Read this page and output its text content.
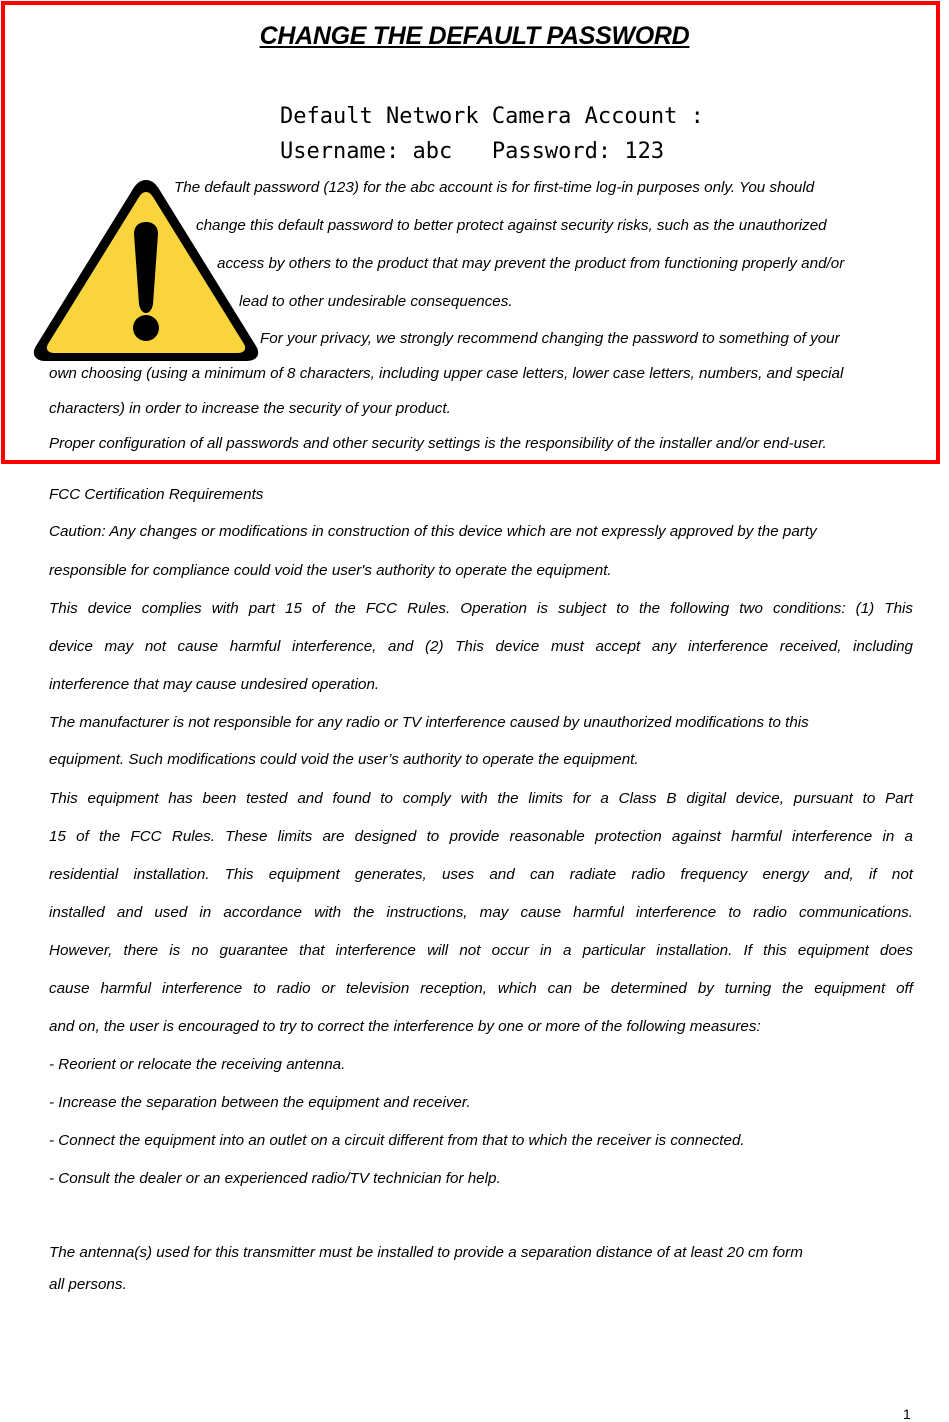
CHANGE THE DEFAULT PASSWORD
Default Network Camera Account :
Username: abc   Password: 123
The default password (123) for the abc account is for first-time log-in purposes only. You should
change this default password to better protect against security risks, such as the unauthorized
access by others to the product that may prevent the product from functioning properly and/or
lead to other undesirable consequences.
For your privacy, we strongly recommend changing the password to something of your
own choosing (using a minimum of 8 characters, including upper case letters, lower case letters, numbers, and special
characters) in order to increase the security of your product.
Proper configuration of all passwords and other security settings is the responsibility of the installer and/or end-user.
FCC Certification Requirements
Caution: Any changes or modifications in construction of this device which are not expressly approved by the party
responsible for compliance could void the user's authority to operate the equipment.
This device complies with part 15 of the FCC Rules. Operation is subject to the following two conditions: (1) This
device may not cause harmful interference, and (2) This device must accept any interference received, including
interference that may cause undesired operation.
The manufacturer is not responsible for any radio or TV interference caused by unauthorized modifications to this
equipment. Such modifications could void the user’s authority to operate the equipment.
This equipment has been tested and found to comply with the limits for a Class B digital device, pursuant to Part
15 of the FCC Rules. These limits are designed to provide reasonable protection against harmful interference in a
residential installation. This equipment generates, uses and can radiate radio frequency energy and, if not
installed and used in accordance with the instructions, may cause harmful interference to radio communications.
However, there is no guarantee that interference will not occur in a particular installation. If this equipment does
cause harmful interference to radio or television reception, which can be determined by turning the equipment off
and on, the user is encouraged to try to correct the interference by one or more of the following measures:
- Reorient or relocate the receiving antenna.
- Increase the separation between the equipment and receiver.
- Connect the equipment into an outlet on a circuit different from that to which the receiver is connected.
- Consult the dealer or an experienced radio/TV technician for help.
The antenna(s) used for this transmitter must be installed to provide a separation distance of at least 20 cm form
all persons.
1
